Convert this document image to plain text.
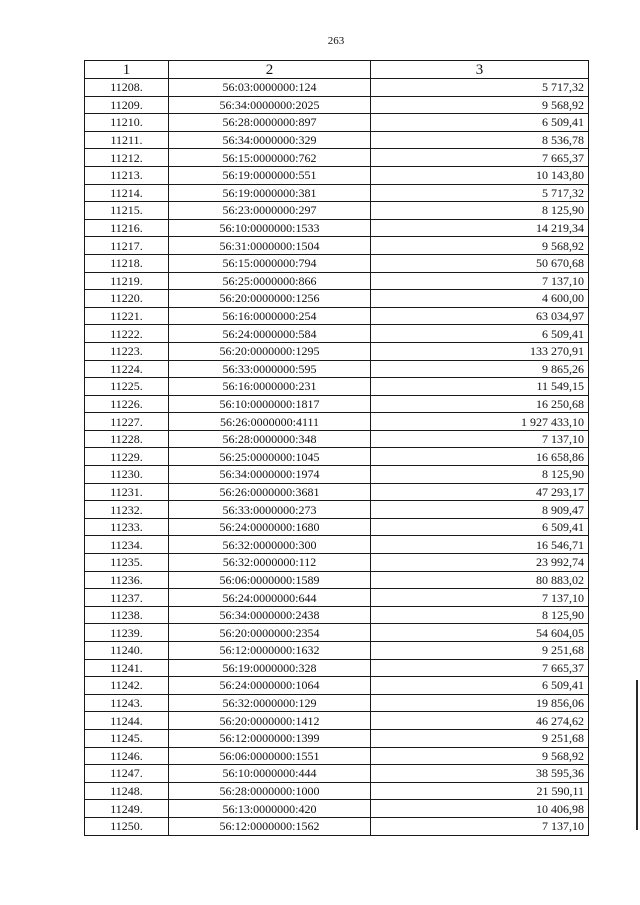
263
1	2	3
11208.	56:03:0000000:124	5 717,32
11209.	56:34:0000000:2025	9 568,92
11210.	56:28:0000000:897	6 509,41
11211.	56:34:0000000:329	8 536,78
11212.	56:15:0000000:762	7 665,37
11213.	56:19:0000000:551	10 143,80
11214.	56:19:0000000:381	5 717,32
11215.	56:23:0000000:297	8 125,90
11216.	56:10:0000000:1533	14 219,34
11217.	56:31:0000000:1504	9 568,92
11218.	56:15:0000000:794	50 670,68
11219.	56:25:0000000:866	7 137,10
11220.	56:20:0000000:1256	4 600,00
11221.	56:16:0000000:254	63 034,97
11222.	56:24:0000000:584	6 509,41
11223.	56:20:0000000:1295	133 270,91
11224.	56:33:0000000:595	9 865,26
11225.	56:16:0000000:231	11 549,15
11226.	56:10:0000000:1817	16 250,68
11227.	56:26:0000000:4111	1 927 433,10
11228.	56:28:0000000:348	7 137,10
11229.	56:25:0000000:1045	16 658,86
11230.	56:34:0000000:1974	8 125,90
11231.	56:26:0000000:3681	47 293,17
11232.	56:33:0000000:273	8 909,47
11233.	56:24:0000000:1680	6 509,41
11234.	56:32:0000000:300	16 546,71
11235.	56:32:0000000:112	23 992,74
11236.	56:06:0000000:1589	80 883,02
11237.	56:24:0000000:644	7 137,10
11238.	56:34:0000000:2438	8 125,90
11239.	56:20:0000000:2354	54 604,05
11240.	56:12:0000000:1632	9 251,68
11241.	56:19:0000000:328	7 665,37
11242.	56:24:0000000:1064	6 509,41
11243.	56:32:0000000:129	19 856,06
11244.	56:20:0000000:1412	46 274,62
11245.	56:12:0000000:1399	9 251,68
11246.	56:06:0000000:1551	9 568,92
11247.	56:10:0000000:444	38 595,36
11248.	56:28:0000000:1000	21 590,11
11249.	56:13:0000000:420	10 406,98
11250.	56:12:0000000:1562	7 137,10
